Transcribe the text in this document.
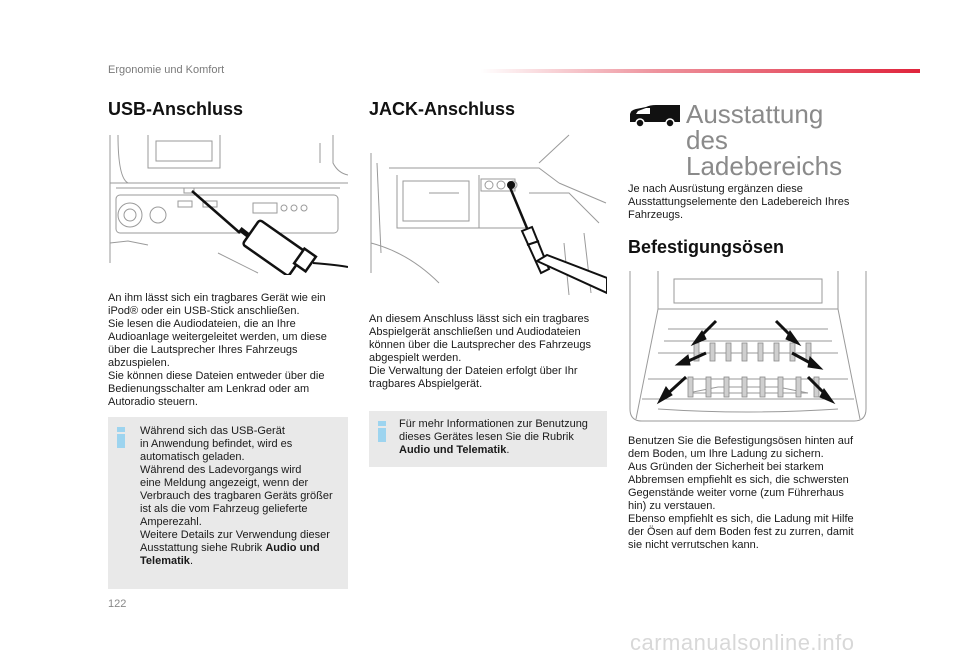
Ergonomie und Komfort
USB-Anschluss
An ihm lässt sich ein tragbares Gerät wie ein
iPod® oder ein USB-Stick anschließen.
Sie lesen die Audiodateien, die an Ihre
Audioanlage weitergeleitet werden, um diese
über die Lautsprecher Ihres Fahrzeugs
abzuspielen.
Sie können diese Dateien entweder über die
Bedienungsschalter am Lenkrad oder am
Autoradio steuern.
Während sich das USB-Gerät
in Anwendung befindet, wird es
automatisch geladen.
Während des Ladevorgangs wird
eine Meldung angezeigt, wenn der
Verbrauch des tragbaren Geräts größer
ist als die vom Fahrzeug gelieferte
Amperezahl.
Weitere Details zur Verwendung dieser
Ausstattung siehe Rubrik Audio und
Telematik.
JACK-Anschluss
An diesem Anschluss lässt sich ein tragbares
Abspielgerät anschließen und Audiodateien
können über die Lautsprecher des Fahrzeugs
abgespielt werden.
Die Verwaltung der Dateien erfolgt über Ihr
tragbares Abspielgerät.
Für mehr Informationen zur Benutzung
dieses Gerätes lesen Sie die Rubrik
Audio und Telematik.
Ausstattung
des
Ladebereichs
Je nach Ausrüstung ergänzen diese
Ausstattungselemente den Ladebereich Ihres
Fahrzeugs.
Befestigungsösen
Benutzen Sie die Befestigungsösen hinten auf
dem Boden, um Ihre Ladung zu sichern.
Aus Gründen der Sicherheit bei starkem
Abbremsen empfiehlt es sich, die schwersten
Gegenstände weiter vorne (zum Führerhaus
hin) zu verstauen.
Ebenso empfiehlt es sich, die Ladung mit Hilfe
der Ösen auf dem Boden fest zu zurren, damit
sie nicht verrutschen kann.
122
carmanualsonline.info
